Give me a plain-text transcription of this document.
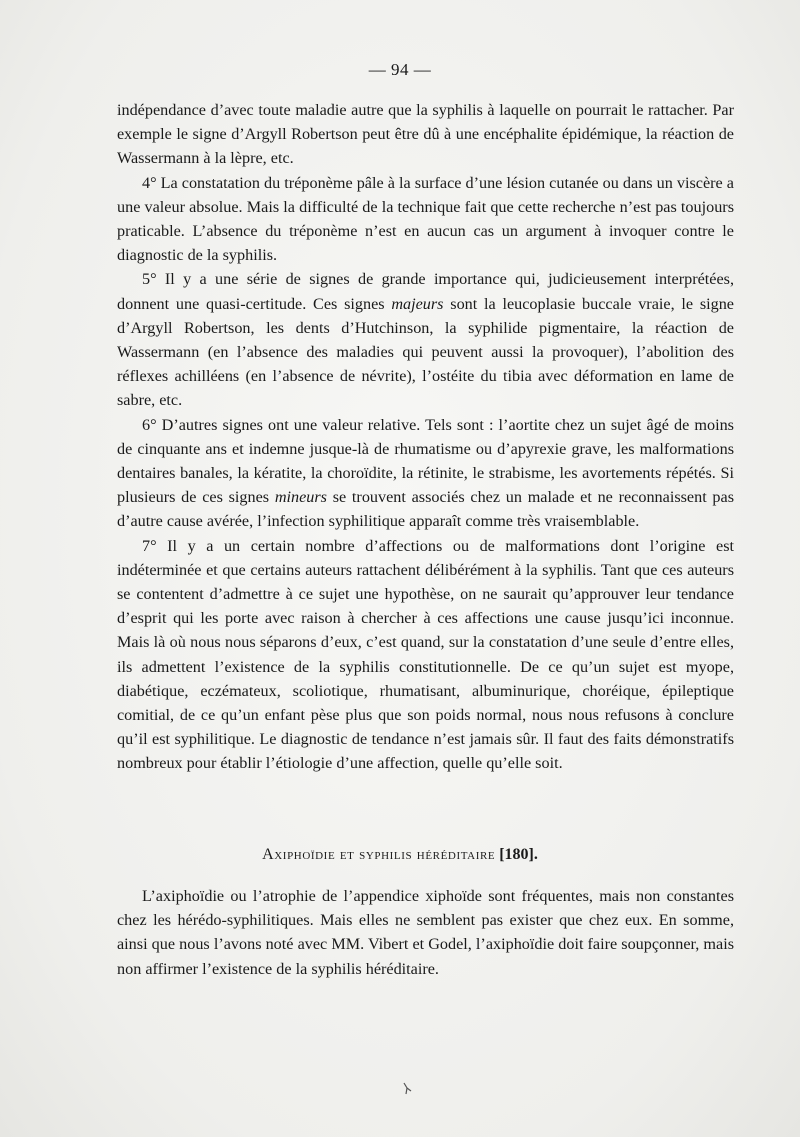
— 94 —

indépendance d’avec toute maladie autre que la syphilis à laquelle on pourrait le rattacher. Par exemple le signe d’Argyll Robertson peut être dû à une encéphalite épidémique, la réaction de Wassermann à la lèpre, etc.

4° La constatation du tréponème pâle à la surface d’une lésion cutanée ou dans un viscère a une valeur absolue. Mais la difficulté de la technique fait que cette recherche n’est pas toujours praticable. L’absence du tréponème n’est en aucun cas un argument à invoquer contre le diagnostic de la syphilis.

5° Il y a une série de signes de grande importance qui, judicieusement interprétées, donnent une quasi-certitude. Ces signes majeurs sont la leucoplasie buccale vraie, le signe d’Argyll Robertson, les dents d’Hutchinson, la syphilide pigmentaire, la réaction de Wassermann (en l’absence des maladies qui peuvent aussi la provoquer), l’abolition des réflexes achilléens (en l’absence de névrite), l’ostéite du tibia avec déformation en lame de sabre, etc.

6° D’autres signes ont une valeur relative. Tels sont : l’aortite chez un sujet âgé de moins de cinquante ans et indemne jusque-là de rhumatisme ou d’apyrexie grave, les malformations dentaires banales, la kératite, la choroïdite, la rétinite, le strabisme, les avortements répétés. Si plusieurs de ces signes mineurs se trouvent associés chez un malade et ne reconnaissent pas d’autre cause avérée, l’infection syphilitique apparaît comme très vraisemblable.

7° Il y a un certain nombre d’affections ou de malformations dont l’origine est indéterminée et que certains auteurs rattachent délibérément à la syphilis. Tant que ces auteurs se contentent d’admettre à ce sujet une hypothèse, on ne saurait qu’approuver leur tendance d’esprit qui les porte avec raison à chercher à ces affections une cause jusqu’ici inconnue. Mais là où nous nous séparons d’eux, c’est quand, sur la constatation d’une seule d’entre elles, ils admettent l’existence de la syphilis constitutionnelle. De ce qu’un sujet est myope, diabétique, eczémateux, scoliotique, rhumatisant, albuminurique, choréique, épileptique comitial, de ce qu’un enfant pèse plus que son poids normal, nous nous refusons à conclure qu’il est syphilitique. Le diagnostic de tendance n’est jamais sûr. Il faut des faits démonstratifs nombreux pour établir l’étiologie d’une affection, quelle qu’elle soit.

Axiphoïdie et syphilis héréditaire [180].

L’axiphoïdie ou l’atrophie de l’appendice xiphoïde sont fréquentes, mais non constantes chez les hérédo-syphilitiques. Mais elles ne semblent pas exister que chez eux. En somme, ainsi que nous l’avons noté avec MM. Vibert et Godel, l’axiphoïdie doit faire soupçonner, mais non affirmer l’existence de la syphilis héréditaire.
